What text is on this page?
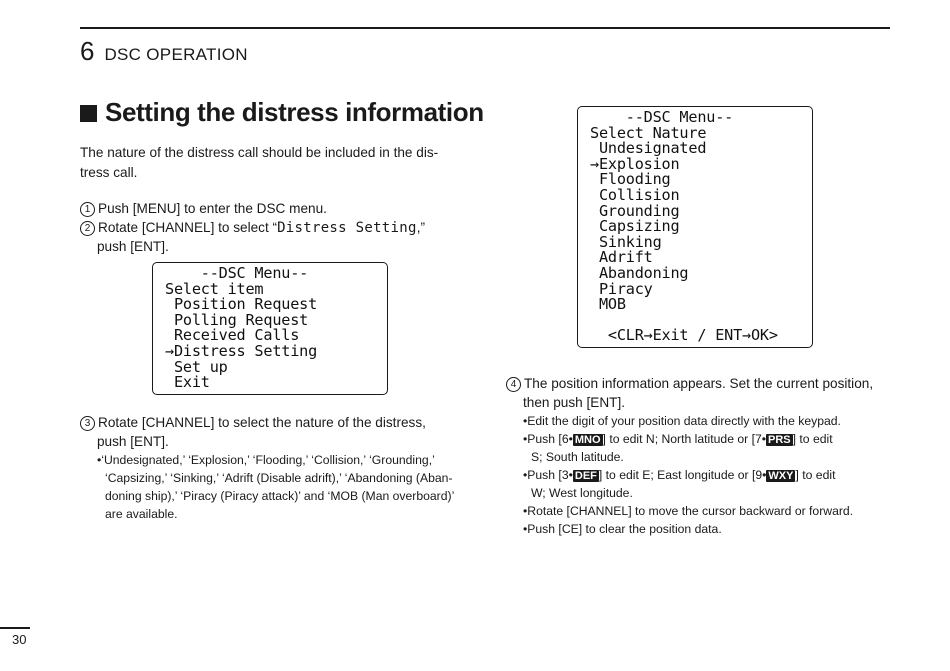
6 DSC OPERATION
Setting the distress information

The nature of the distress call should be included in the dis-
tress call.

1 Push [MENU] to enter the DSC menu.
2 Rotate [CHANNEL] to select “Distress Setting,”
push [ENT].
--DSC Menu--
Select item
Position Request
Polling Request
Received Calls
→Distress Setting
Set up
Exit
3 Rotate [CHANNEL] to select the nature of the distress,
push [ENT].
•‘Undesignated,’ ‘Explosion,’ ‘Flooding,’ ‘Collision,’ ‘Grounding,’
‘Capsizing,’ ‘Sinking,’ ‘Adrift (Disable adrift),’ ‘Abandoning (Aban-
doning ship),’ ‘Piracy (Piracy attack)’ and ‘MOB (Man overboard)’
are available.
--DSC Menu--
Select Nature
Undesignated
→Explosion
Flooding
Collision
Grounding
Capsizing
Sinking
Adrift
Abandoning
Piracy
MOB
<CLR→Exit / ENT→OK>
4 The position information appears. Set the current position,
then push [ENT].
•Edit the digit of your position data directly with the keypad.
•Push [6• MNO ] to edit N; North latitude or [7• PRS ] to edit
S; South latitude.
•Push [3• DEF ] to edit E; East longitude or [9• WXY ] to edit
W; West longitude.
•Rotate [CHANNEL] to move the cursor backward or forward.
•Push [CE] to clear the position data.
30
